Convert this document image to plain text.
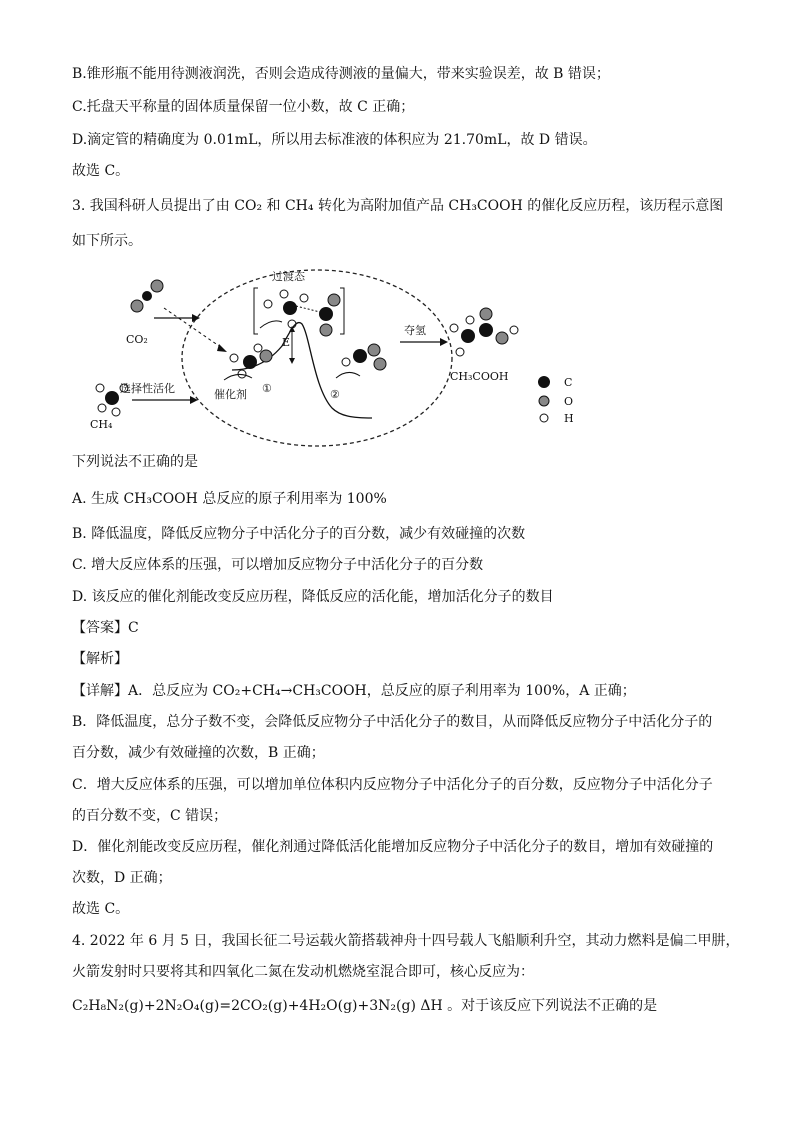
B.锥形瓶不能用待测液润洗，否则会造成待测液的量偏大，带来实验误差，故 B 错误；
C.托盘天平称量的固体质量保留一位小数，故 C 正确；
D.滴定管的精确度为 0.01mL，所以用去标准液的体积应为 21.70mL，故 D 错误。
故选 C。
3. 我国科研人员提出了由 CO₂ 和 CH₄ 转化为高附加值产品 CH₃COOH 的催化反应历程，该历程示意图
如下所示。
CO₂
CH₄
选择性活化
过渡态
E
催化剂 ①	②
夺氢
CH₃COOH	C
O
H
下列说法不正确的是
A. 生成 CH₃COOH 总反应的原子利用率为 100%
B. 降低温度，降低反应物分子中活化分子的百分数，减少有效碰撞的次数
C. 增大反应体系的压强，可以增加反应物分子中活化分子的百分数
D. 该反应的催化剂能改变反应历程，降低反应的活化能，增加活化分子的数目
【答案】C
【解析】
【详解】A．总反应为 CO₂+CH₄→CH₃COOH，总反应的原子利用率为 100%，A 正确；
B．降低温度，总分子数不变，会降低反应物分子中活化分子的数目，从而降低反应物分子中活化分子的
百分数，减少有效碰撞的次数，B 正确；
C．增大反应体系的压强，可以增加单位体积内反应物分子中活化分子的百分数，反应物分子中活化分子
的百分数不变，C 错误；
D．催化剂能改变反应历程，催化剂通过降低活化能增加反应物分子中活化分子的数目，增加有效碰撞的
次数，D 正确；
故选 C。
4. 2022 年 6 月 5 日，我国长征二号运载火箭搭载神舟十四号载人飞船顺利升空，其动力燃料是偏二甲肼，
火箭发射时只要将其和四氧化二氮在发动机燃烧室混合即可，核心反应为：
C₂H₈N₂(g)+2N₂O₄(g)=2CO₂(g)+4H₂O(g)+3N₂(g) ΔH 。对于该反应下列说法不正确的是
